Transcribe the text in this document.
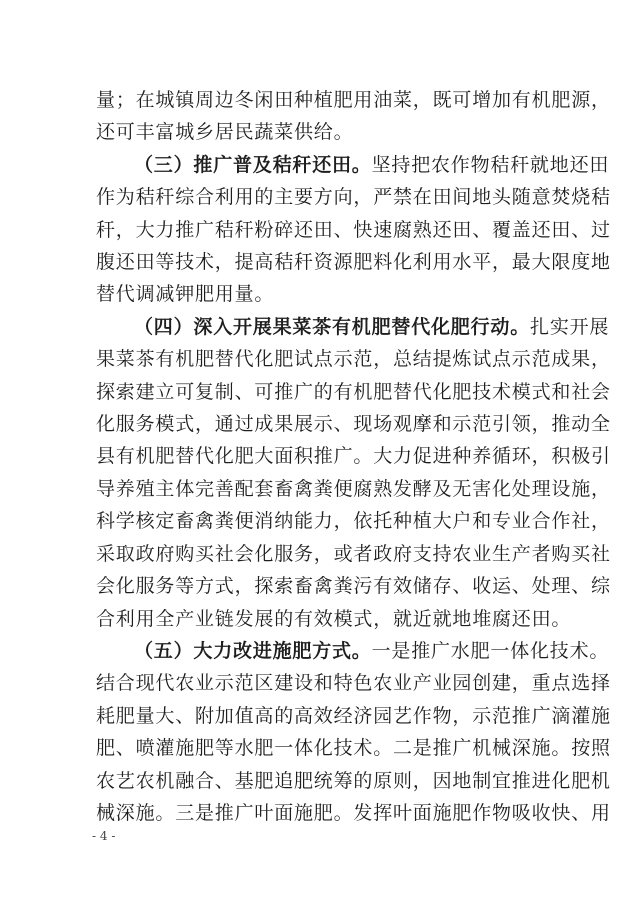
量；在城镇周边冬闲田种植肥用油菜，既可增加有机肥源，
还可丰富城乡居民蔬菜供给。
（三）推广普及秸秆还田。坚持把农作物秸秆就地还田
作为秸秆综合利用的主要方向，严禁在田间地头随意焚烧秸
秆，大力推广秸秆粉碎还田、快速腐熟还田、覆盖还田、过
腹还田等技术，提高秸秆资源肥料化利用水平，最大限度地
替代调减钾肥用量。
（四）深入开展果菜茶有机肥替代化肥行动。扎实开展
果菜茶有机肥替代化肥试点示范，总结提炼试点示范成果，
探索建立可复制、可推广的有机肥替代化肥技术模式和社会
化服务模式，通过成果展示、现场观摩和示范引领，推动全
县有机肥替代化肥大面积推广。大力促进种养循环，积极引
导养殖主体完善配套畜禽粪便腐熟发酵及无害化处理设施，
科学核定畜禽粪便消纳能力，依托种植大户和专业合作社，
采取政府购买社会化服务，或者政府支持农业生产者购买社
会化服务等方式，探索畜禽粪污有效储存、收运、处理、综
合利用全产业链发展的有效模式，就近就地堆腐还田。
（五）大力改进施肥方式。一是推广水肥一体化技术。
结合现代农业示范区建设和特色农业产业园创建，重点选择
耗肥量大、附加值高的高效经济园艺作物，示范推广滴灌施
肥、喷灌施肥等水肥一体化技术。二是推广机械深施。按照
农艺农机融合、基肥追肥统筹的原则，因地制宜推进化肥机
械深施。三是推广叶面施肥。发挥叶面施肥作物吸收快、用
- 4 -
